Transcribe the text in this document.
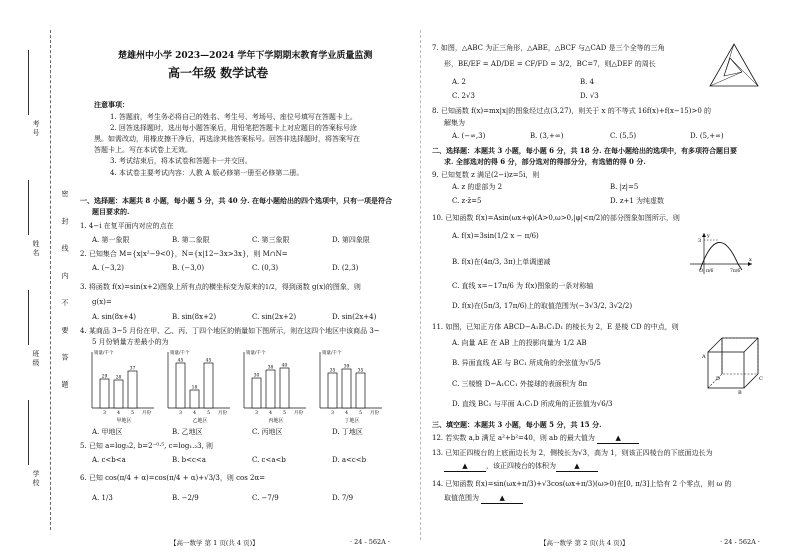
考号
姓名
班级
学校
密 封 线 内 不 要 答 题
楚雄州中小学 2023—2024 学年下学期期末教育学业质量监测
高一年级 数学试卷
注意事项：
1. 答题前，考生务必将自己的姓名、考生号、考场号、座位号填写在答题卡上。
2. 回答选择题时，选出每小题答案后，用铅笔把答题卡上对应题目的答案标号涂
黑。如需改动，用橡皮擦干净后，再选涂其他答案标号。回答非选择题时，将答案写在
答题卡上。写在本试卷上无效。
3. 考试结束后，将本试卷和答题卡一并交回。
4. 本试卷主要考试内容：人教 A 版必修第一册至必修第二册。
一、选择题：本题共 8 小题，每小题 5 分，共 40 分. 在每小题给出的四个选项中，只有一项是符合
题目要求的.
1. 4−i 在复平面内对应的点在
A. 第一象限	B. 第二象限	C. 第三象限	D. 第四象限
2. 已知集合 M={x|x²−9<0}，N={x|12−3x>3x}，则 M∩N=
A. (−3,2)	B. (−3,0)	C. (0,3)	D. (2,3)
3. 将函数 f(x)=sin(x+2)图象上所有点的横坐标变为原来的1/2，得到函数 g(x)的图象，则
g(x)=
A. sin(8x+4)	B. sin(8x+2)	C. sin(2x+2)	D. sin(2x+4)
4. 某商品 3~5 月份在甲、乙、丙、丁四个地区的销量如下图所示，则在这四个地区中该商品 3~
5 月份销量方差最小的为
销量/千个
月份
29
3
28
4
37
5
甲地区
销量/千个
月份
45
3
18
4
45
5
乙地区
销量/千个
月份
30
3
38
4
40
5
丙地区
销量/千个
月份
35
3
39
4
35
5
丁地区
A. 甲地区	B. 乙地区	C. 丙地区	D. 丁地区
5. 已知 a=log₃2, b=2⁻⁰·⁵, c=log₁.₂3, 则
A. c<b<a	B. b<c<a	C. c<a<b	D. a<c<b
6. 已知 cos(π/4 + α)=cos(π/4 + α)+√3/3，则 cos 2α=
A. 1/3	B. −2/9	C. −7/9	D. 7/9
【高一数学 第 1 页(共 4 页)】	· 24 - 562A ·
7. 如图，△ABC 为正三角形，△ABE，△BCF 与△CAD 是三个全等的三角
形，BE/EF = AD/DE = CF/FD = 3/2，BC=7，则△DEF 的周长
A. 2	B. 4
C. 2√3	D. √3
8. 已知函数 f(x)=mx|x|的图象经过点(3,27)，则关于 x 的不等式 16f(x)+f(x−15)>0 的
解集为
A. (−∞,3)	B. (3,+∞)	C. (5,5)	D. (5,+∞)
二、选择题：本题共 3 小题，每小题 6 分，共 18 分. 在每小题给出的选项中，有多项符合题目要
求. 全部选对的得 6 分，部分选对的得部分分，有选错的得 0 分.
9. 已知复数 z 满足(2−i)z=5i，则
A. z 的虚部为 2	B. |z|=5
C. z·z̄=5	D. z+1 为纯虚数
10. 已知函数 f(x)=Asin(ωx+φ)(A>0,ω>0,|φ|<π/2)的部分图象如图所示，则
A. f(x)=3sin(1/2 x − π/6)
B. f(x)在(4π/3, 3π)上单调递减
C. 直线 x=−17π/6 为 f(x)图象的一条对称轴
D. f(x)在(5π/3, 17π/6)上的取值范围为(−3√3/2, 3√2/2)
3
O π/6	7π/6
x
y
11. 如图，已知正方体 ABCD−A₁B₁C₁D₁ 的棱长为 2，E 是棱 CD 的中点，则
A. 向量 AE 在 AB 上的投影向量为 1/2 AB
B. 异面直线 AE 与 BC₁ 所成角的余弦值为√5/5
C. 三棱锥 D−A₁CC₁ 外接球的表面积为 8π
D. 直线 BC₁ 与平面 A₁C₁D 所成角的正弦值为√6/3
A
B
C
D
三、填空题：本题共 3 小题，每小题 5 分，共 15 分.
12. 若实数 a,b 满足 a²+b²=40，则 ab 的最大值为	▲
13. 已知正四棱台的上底面边长为 2，侧棱长为√3，高为 1，则该正四棱台的下底面边长为
▲	，该正四棱台的体积为	▲
14. 已知函数 f(x)=sin(ωx+π/3)+√3cos(ωx+π/3)(ω>0)在[0, π/3]上恰有 2 个零点，则 ω 的
取值范围为	▲
【高一数学 第 2 页(共 4 页)】	· 24 - 562A ·
